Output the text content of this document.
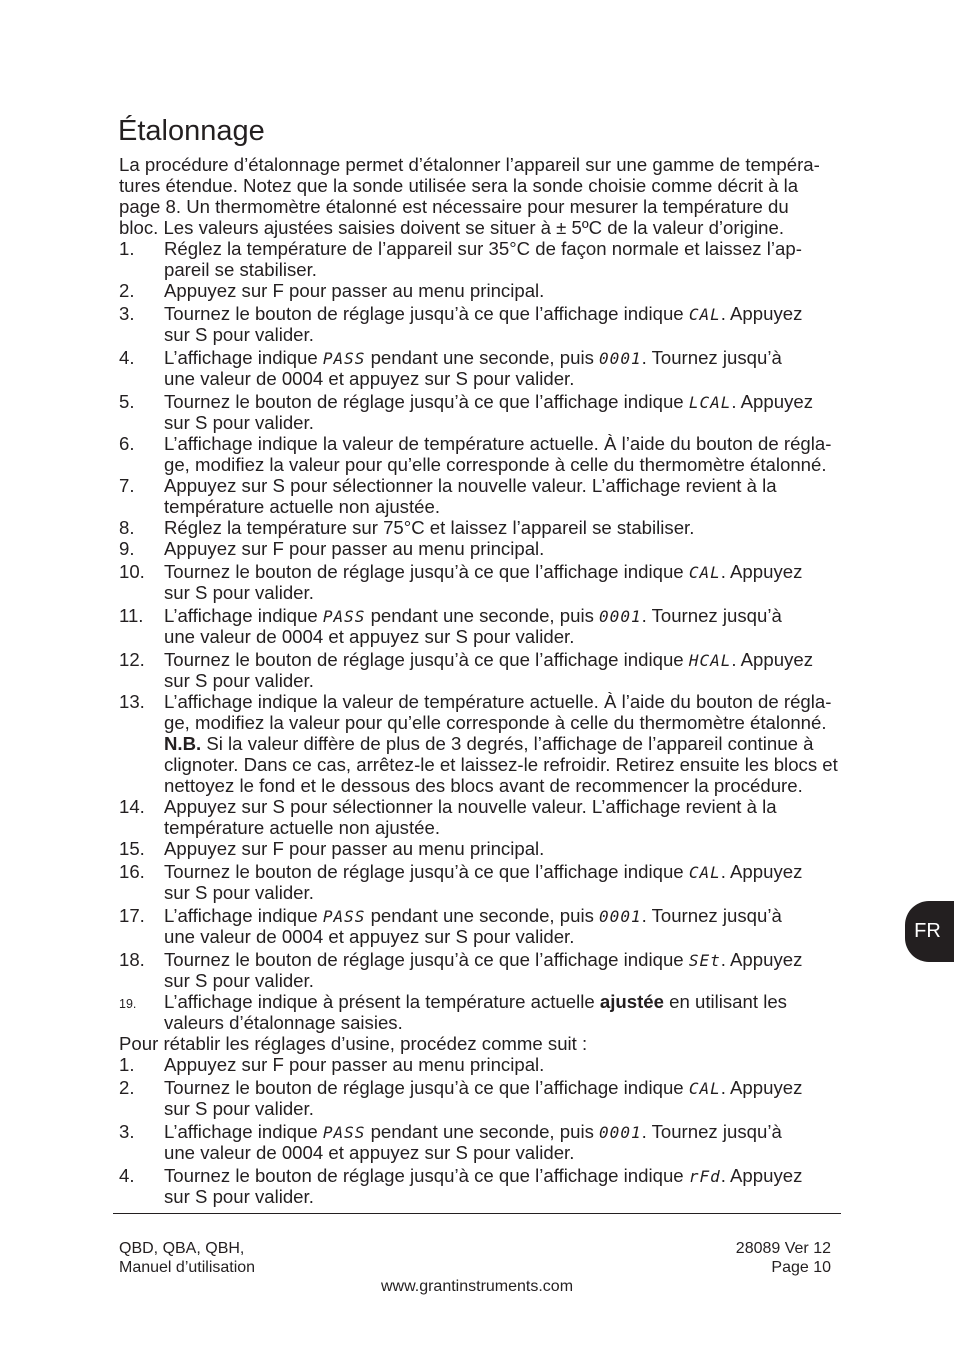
Étalonnage
La procédure d’étalonnage permet d’étalonner l’appareil sur une gamme de tempéra-
tures étendue. Notez que la sonde utilisée sera la sonde choisie comme décrit à la
page 8. Un thermomètre étalonné est nécessaire pour mesurer la température du
bloc. Les valeurs ajustées saisies doivent se situer à ± 5ºC de la valeur d’origine.
1. Réglez la température de l’appareil sur 35°C de façon normale et laissez l’ap-
pareil se stabiliser.
2. Appuyez sur F pour passer au menu principal.
3. Tournez le bouton de réglage jusqu’à ce que l’affichage indique CAL. Appuyez
sur S pour valider.
4. L’affichage indique PASS pendant une seconde, puis 0001. Tournez jusqu’à
une valeur de 0004 et appuyez sur S pour valider.
5. Tournez le bouton de réglage jusqu’à ce que l’affichage indique LCAL. Appuyez
sur S pour valider.
6. L’affichage indique la valeur de température actuelle. À l’aide du bouton de régla-
ge, modifiez la valeur pour qu’elle corresponde à celle du thermomètre étalonné.
7. Appuyez sur S pour sélectionner la nouvelle valeur. L’affichage revient à la
température actuelle non ajustée.
8. Réglez la température sur 75°C et laissez l’appareil se stabiliser.
9. Appuyez sur F pour passer au menu principal.
10. Tournez le bouton de réglage jusqu’à ce que l’affichage indique CAL. Appuyez
sur S pour valider.
11. L’affichage indique PASS pendant une seconde, puis 0001. Tournez jusqu’à
une valeur de 0004 et appuyez sur S pour valider.
12. Tournez le bouton de réglage jusqu’à ce que l’affichage indique HCAL. Appuyez
sur S pour valider.
13. L’affichage indique la valeur de température actuelle. À l’aide du bouton de régla-
ge, modifiez la valeur pour qu’elle corresponde à celle du thermomètre étalonné.
N.B. Si la valeur diffère de plus de 3 degrés, l’affichage de l’appareil continue à
clignoter. Dans ce cas, arrêtez-le et laissez-le refroidir. Retirez ensuite les blocs et
nettoyez le fond et le dessous des blocs avant de recommencer la procédure.
14. Appuyez sur S pour sélectionner la nouvelle valeur. L’affichage revient à la
température actuelle non ajustée.
15. Appuyez sur F pour passer au menu principal.
16. Tournez le bouton de réglage jusqu’à ce que l’affichage indique CAL. Appuyez
sur S pour valider.
17. L’affichage indique PASS pendant une seconde, puis 0001. Tournez jusqu’à
une valeur de 0004 et appuyez sur S pour valider.
18. Tournez le bouton de réglage jusqu’à ce que l’affichage indique SEt. Appuyez
sur S pour valider.
19. L’affichage indique à présent la température actuelle ajustée en utilisant les
valeurs d’étalonnage saisies.
Pour rétablir les réglages d’usine, procédez comme suit :
1. Appuyez sur F pour passer au menu principal.
2. Tournez le bouton de réglage jusqu’à ce que l’affichage indique CAL. Appuyez
sur S pour valider.
3. L’affichage indique PASS pendant une seconde, puis 0001. Tournez jusqu’à
une valeur de 0004 et appuyez sur S pour valider.
4. Tournez le bouton de réglage jusqu’à ce que l’affichage indique rFd. Appuyez
sur S pour valider.
QBD, QBA, QBH,
Manuel d’utilisation
28089 Ver 12
Page 10
www.grantinstruments.com
FR
